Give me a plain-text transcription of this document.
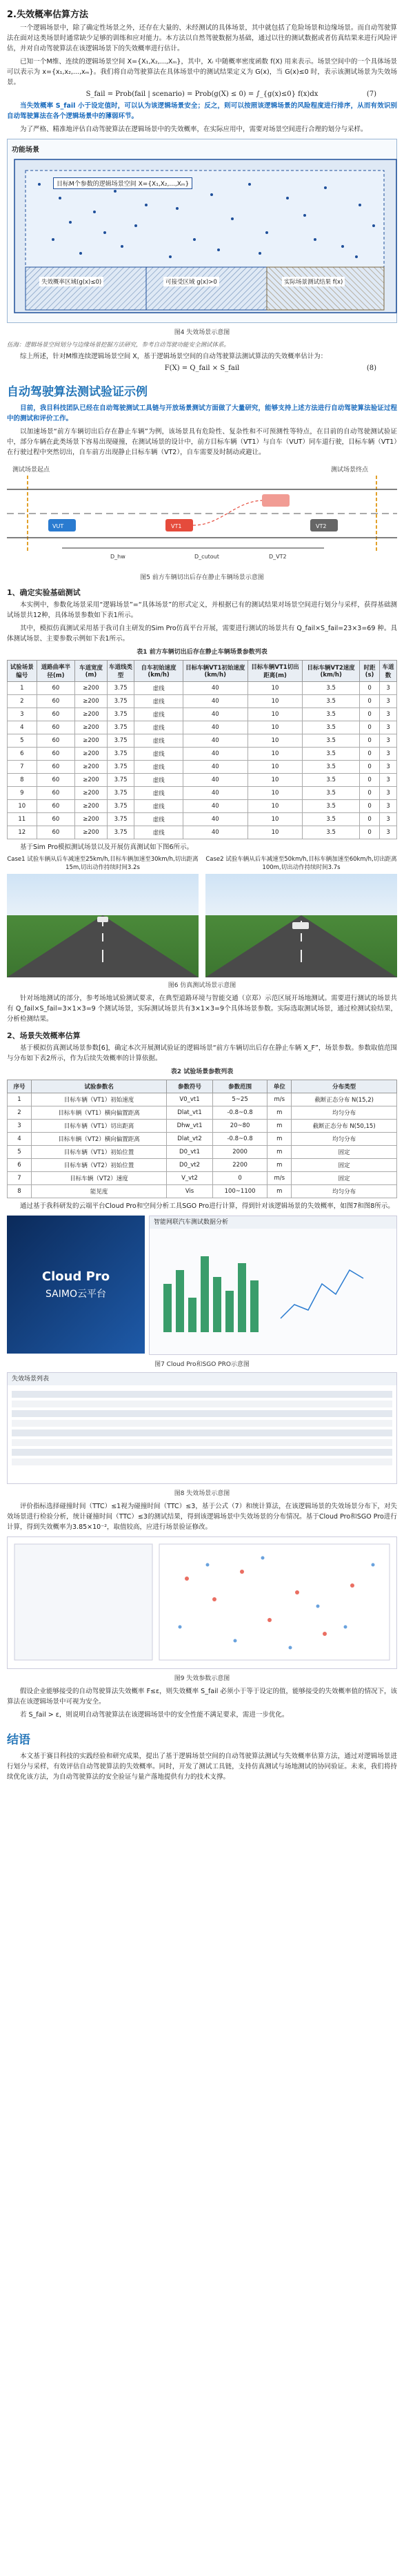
2.失效概率估算方法

一个逻辑场景中，除了确定性场景之外，还存在大量的、未经测试的具体场景，其中就包括了危险场景和边缘场景。而自动驾驶算法在面对这类场景时通常缺少足够的训练和应对能力。本方法以自然驾驶数据为基础，通过以往的测试数据或者仿真结果来进行风险评估，并对自动驾驶算法在该逻辑场景下的失效概率进行估计。

已知一个M维、连续的逻辑场景空间 X={X₁,X₂,...,Xₘ}，其中，Xᵢ 中随概率密度函数 f(X) 用来表示。场景空间中的一个具体场景可以表示为 x={x₁,x₂,...,xₘ}。我们将自动驾驶算法在具体场景中的测试结果定义为 G(x)，当 G(x)≤0 时，表示该测试场景为失效场景。

S_fail = Prob(fail | scenario) = Prob(g(X) ≤ 0) = ∫_{g(x)≤0} f(x)dx	(7)

当失效概率 S_fail 小于设定值时，可以认为该逻辑场景安全；反之，则可以按照该逻辑场景的风险程度进行排序，从而有效识别自动驾驶算法在各个逻辑场景中的薄弱环节。

为了严格、精准地评估自动驾驶算法在逻辑场景中的失效概率，在实际应用中，需要对场景空间进行合理的划分与采样。

功能场景
目标M个参数的逻辑场景空间 X={X₁,X₂,...,Xₘ}
失效概率区域(g(x)≤0)	可接受区域 g(x)>0	实际场景测试结果 f(x)
图4 失效场景示意图
伍海：逻辑场景空间划分与边缘场景挖掘方法研究，参考自动驾驶功能安全测试体系。

综上所述，针对M维连续逻辑场景空间 X，基于逻辑场景空间的自动驾驶算法测试算法的失效概率估计为：

F(X) = Q_fail × S_fail	(8)
自动驾驶算法测试验证示例

目前，我目科技团队已经在自动驾驶测试工具链与开放场景测试方面做了大量研究，能够支持上述方法进行自动驾驶算法验证过程中的测试和评价工作。

以加速场景“前方车辆切出后存在静止车辆”为例，该场景具有危险性、复杂性和不可预测性等特点，在目前的自动驾驶测试验证中，部分车辆在此类场景下容易出现碰撞，在测试场景的设计中，前方目标车辆（VT1）与自车（VUT）同车道行驶，目标车辆（VT1）在行驶过程中突然切出，自车前方出现静止目标车辆（VT2），自车需要及时制动或避让。

测试场景起点	测试场景终点
VUT	VT1	VT2
D_hw	D_cutout	D_VT2
图5 前方车辆切出后存在静止车辆场景示意图
1、确定实验基础测试

本实例中，参数化场景采用“逻辑场景”=“具体场景”的形式定义，并根据已有的测试结果对场景空间进行划分与采样，获得基础测试场景共12种，具体场景参数如下表1所示。

其中，模拟仿真测试采用基于我司自主研发的Sim Pro仿真平台开展，需要进行测试的场景共有 Q_fail×S_fail=23×3=69 种。具体测试场景、主要参数示例如下表1所示。

表1 前方车辆切出后存在静止车辆场景参数列表
试验场景编号	道路曲率半径(m)	车道宽度(m)	车道线类型	自车初始速度(km/h)	目标车辆VT1初始速度(km/h)	目标车辆VT1切出距离(m)	目标车辆VT2速度(km/h)	时距(s)	车道数
1	60	≥200	3.75	虚线	40	10	3.5	0	3
2	60	≥200	3.75	虚线	40	10	3.5	0	3
3	60	≥200	3.75	虚线	40	10	3.5	0	3
4	60	≥200	3.75	虚线	40	10	3.5	0	3
5	60	≥200	3.75	虚线	40	10	3.5	0	3
6	60	≥200	3.75	虚线	40	10	3.5	0	3
7	60	≥200	3.75	虚线	40	10	3.5	0	3
8	60	≥200	3.75	虚线	40	10	3.5	0	3
9	60	≥200	3.75	虚线	40	10	3.5	0	3
10	60	≥200	3.75	虚线	40	10	3.5	0	3
11	60	≥200	3.75	虚线	40	10	3.5	0	3
12	60	≥200	3.75	虚线	40	10	3.5	0	3

基于Sim Pro模拟测试场景以及开展仿真测试如下图6所示。

Case1 试验车辆从后车减速至25km/h,目标车辆加速至30km/h,切出距离15m,切出动作持续时间3.2s
Case2 试验车辆从后车减速至50km/h,目标车辆加速至60km/h,切出距离100m,切出动作持续时间3.7s
图6 仿真测试场景示意图

针对场地测试的部分，参考场地试验测试要求，在典型道路环境与智能交通（京郑）示范区展开场地测试。需要进行测试的场景共有 Q_fail×S_fail=3×1×3=9 个测试场景，实际测试场景共有3×1×3=9个具体场景参数。实际选取测试场景，通过检测试验结果，分析检测结果。

2、场景失效概率估算

基于模拟仿真测试场景参数[6]，确定本次开展测试验证的逻辑场景“前方车辆切出后存在静止车辆 X_F”，场景参数。参数取值范围与分布如下表2所示，作为后续失效概率的计算依据。

表2 试验场景参数列表
序号	试验参数名	参数符号	参数范围	单位	分布类型
1	目标车辆（VT1）初始速度	V0_vt1	5~25	m/s	截断正态分布 N(15,2)
2	目标车辆（VT1）横向偏置距离	Dlat_vt1	-0.8~0.8	m	均匀分布
3	目标车辆（VT1）切出距离	Dhw_vt1	20~80	m	截断正态分布 N(50,15)
4	目标车辆（VT2）横向偏置距离	Dlat_vt2	-0.8~0.8	m	均匀分布
5	目标车辆（VT1）初始位置	D0_vt1	2000	m	固定
6	目标车辆（VT2）初始位置	D0_vt2	2200	m	固定
7	目标车辆（VT2）速度	V_vt2	0	m/s	固定
8	能见度	Vis	100~1100	m	均匀分布

通过基于我科研发的云端平台Cloud Pro和空间分析工具SGO Pro进行计算，得到针对该逻辑场景的失效概率，如图7和图8所示。

Cloud Pro
SAIMO云平台
智能网联汽车测试数据分析
图7 Cloud Pro和SGO PRO示意图
失效场景列表
图8 失效场景示意图

评价指标选择碰撞时间（TTC）≤1视为碰撞时间（TTC）≤3，基于公式（7）和统计算法，在该逻辑场景的失效场景分布下，对失效场景进行检验分析，统计碰撞时间（TTC）≤3的测试结果，得到该逻辑场景中失效场景的分布情况。基于Cloud Pro和SGO Pro进行计算，得到失效概率为3.85×10⁻²，取值较高，应进行场景验证修改。

图9 失效参数示意图

假设企业能够接受的自动驾驶算法失效概率 F≤ε，则失效概率 S_fail 必须小于等于设定的值，能够接受的失效概率值的情况下，该算法在该逻辑场景中可视为安全。

若 S_fail > ε，则说明自动驾驶算法在该逻辑场景中的安全性能不满足要求，需进一步优化。

结语

本文基于赛目科技的实践经验和研究成果，提出了基于逻辑场景空间的自动驾驶算法测试与失效概率估算方法，通过对逻辑场景进行划分与采样，有效评估自动驾驶算法的失效概率。同时，开发了测试工具链，支持仿真测试与场地测试的协同验证。未来，我们将持续优化该方法，为自动驾驶算法的安全验证与量产落地提供有力的技术支撑。
